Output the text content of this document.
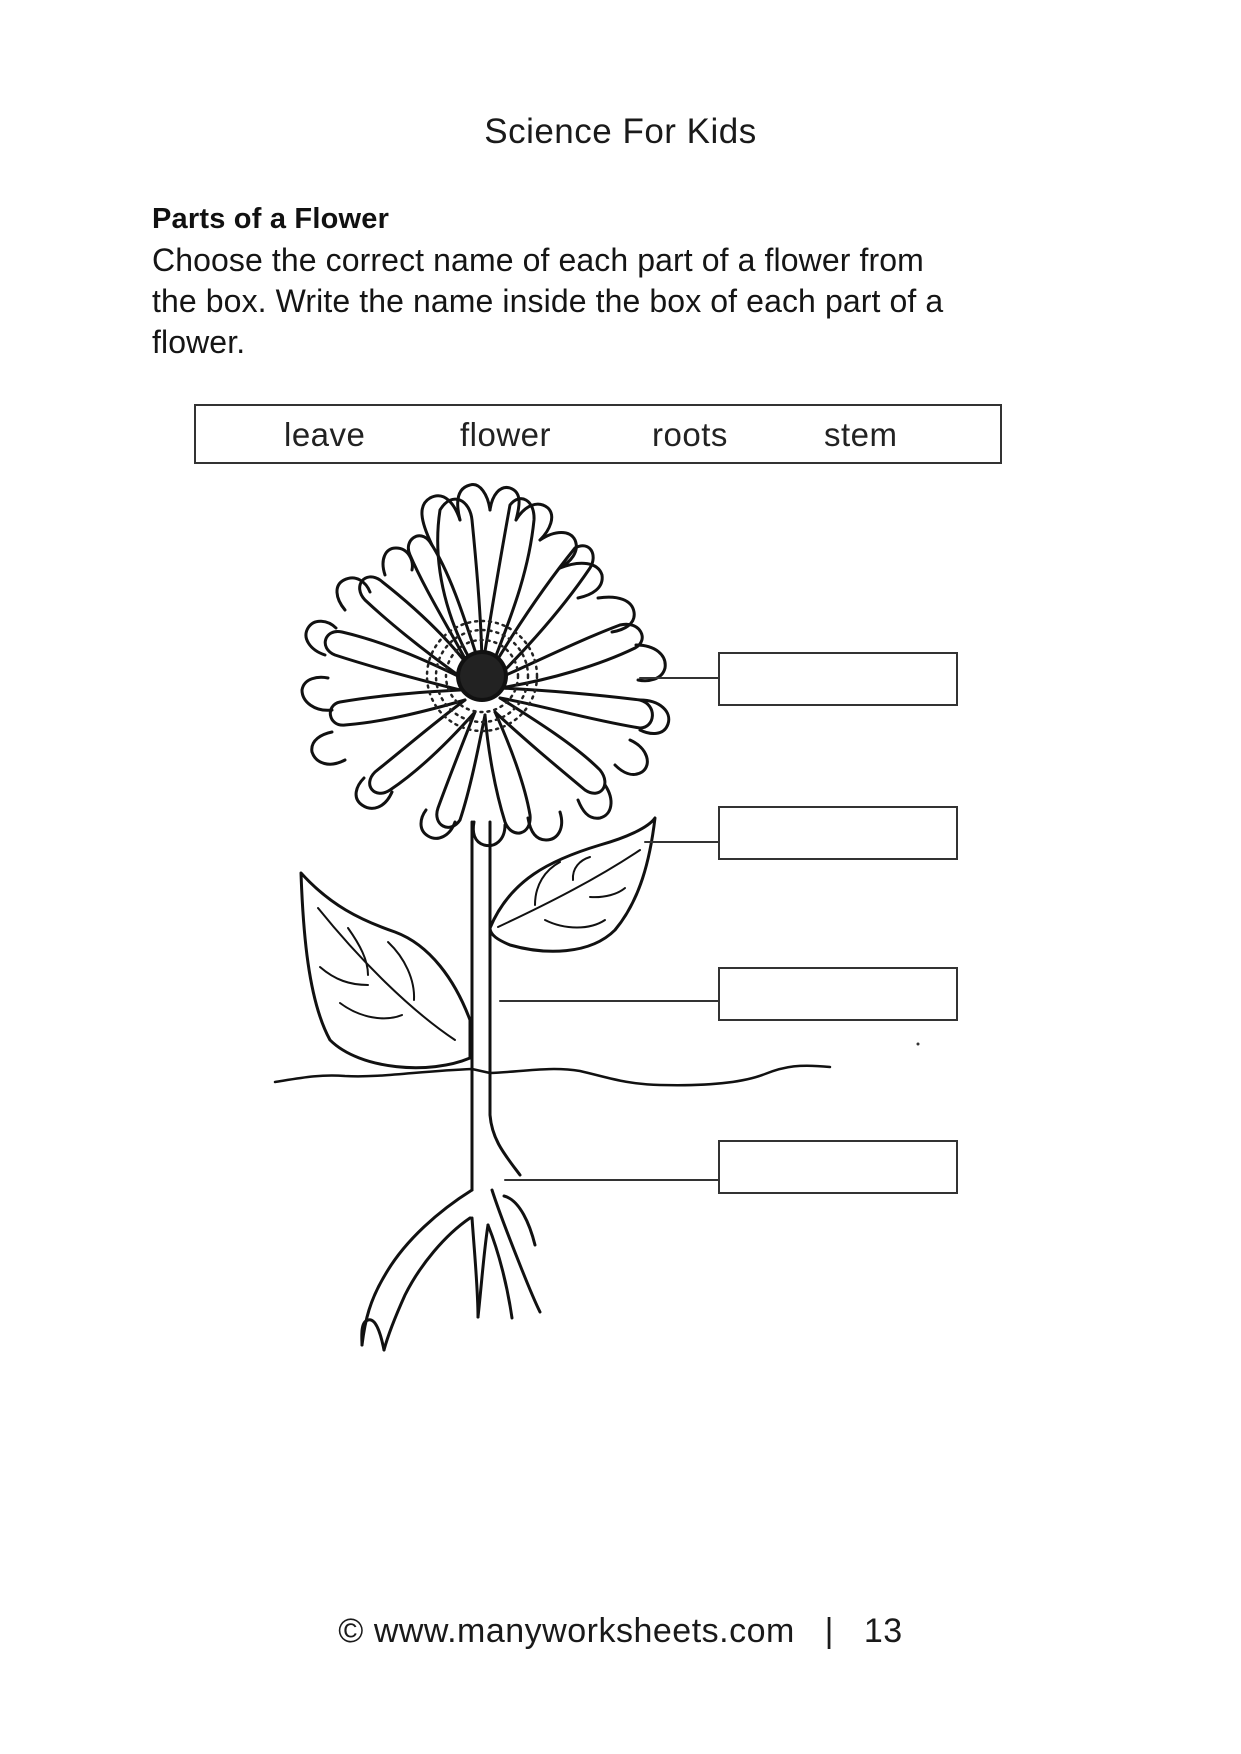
Science For Kids
Parts of a Flower
Choose the correct name of each part of a flower from
the box. Write the name inside the box of each part of a
flower.
leave	flower	roots	stem
© www.manyworksheets.com | 13
